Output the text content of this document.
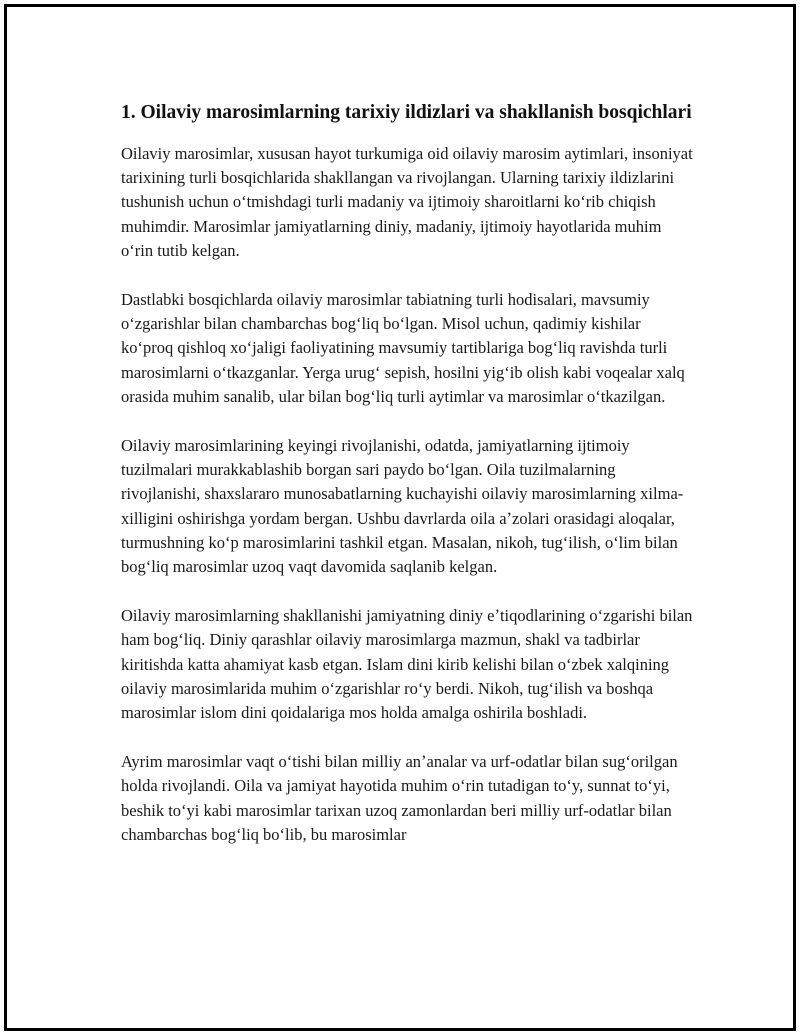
1. Oilaviy marosimlarning tarixiy ildizlari va shakllanish bosqichlari

Oilaviy marosimlar, xususan hayot turkumiga oid oilaviy marosim aytimlari, insoniyat tarixining turli bosqichlarida shakllangan va rivojlangan. Ularning tarixiy ildizlarini tushunish uchun oʻtmishdagi turli madaniy va ijtimoiy sharoitlarni koʻrib chiqish muhimdir. Marosimlar jamiyatlarning diniy, madaniy, ijtimoiy hayotlarida muhim oʻrin tutib kelgan.

Dastlabki bosqichlarda oilaviy marosimlar tabiatning turli hodisalari, mavsumiy oʻzgarishlar bilan chambarchas bogʻliq boʻlgan. Misol uchun, qadimiy kishilar koʻproq qishloq xoʻjaligi faoliyatining mavsumiy tartiblariga bogʻliq ravishda turli marosimlarni oʻtkazganlar. Yerga urugʻ sepish, hosilni yigʻib olish kabi voqealar xalq orasida muhim sanalib, ular bilan bogʻliq turli aytimlar va marosimlar oʻtkazilgan.

Oilaviy marosimlarining keyingi rivojlanishi, odatda, jamiyatlarning ijtimoiy tuzilmalari murakkablashib borgan sari paydo boʻlgan. Oila tuzilmalarning rivojlanishi, shaxslararo munosabatlarning kuchayishi oilaviy marosimlarning xilma-xilligini oshirishga yordam bergan. Ushbu davrlarda oila aʼzolari orasidagi aloqalar, turmushning koʻp marosimlarini tashkil etgan. Masalan, nikoh, tugʻilish, oʻlim bilan bogʻliq marosimlar uzoq vaqt davomida saqlanib kelgan.

Oilaviy marosimlarning shakllanishi jamiyatning diniy eʼtiqodlarining oʻzgarishi bilan ham bogʻliq. Diniy qarashlar oilaviy marosimlarga mazmun, shakl va tadbirlar kiritishda katta ahamiyat kasb etgan. Islam dini kirib kelishi bilan oʻzbek xalqining oilaviy marosimlarida muhim oʻzgarishlar roʻy berdi. Nikoh, tugʻilish va boshqa marosimlar islom dini qoidalariga mos holda amalga oshirila boshladi.

Ayrim marosimlar vaqt oʻtishi bilan milliy anʼanalar va urf-odatlar bilan sugʻorilgan holda rivojlandi. Oila va jamiyat hayotida muhim oʻrin tutadigan toʻy, sunnat toʻyi, beshik toʻyi kabi marosimlar tarixan uzoq zamonlardan beri milliy urf-odatlar bilan chambarchas bogʻliq boʻlib, bu marosimlar
